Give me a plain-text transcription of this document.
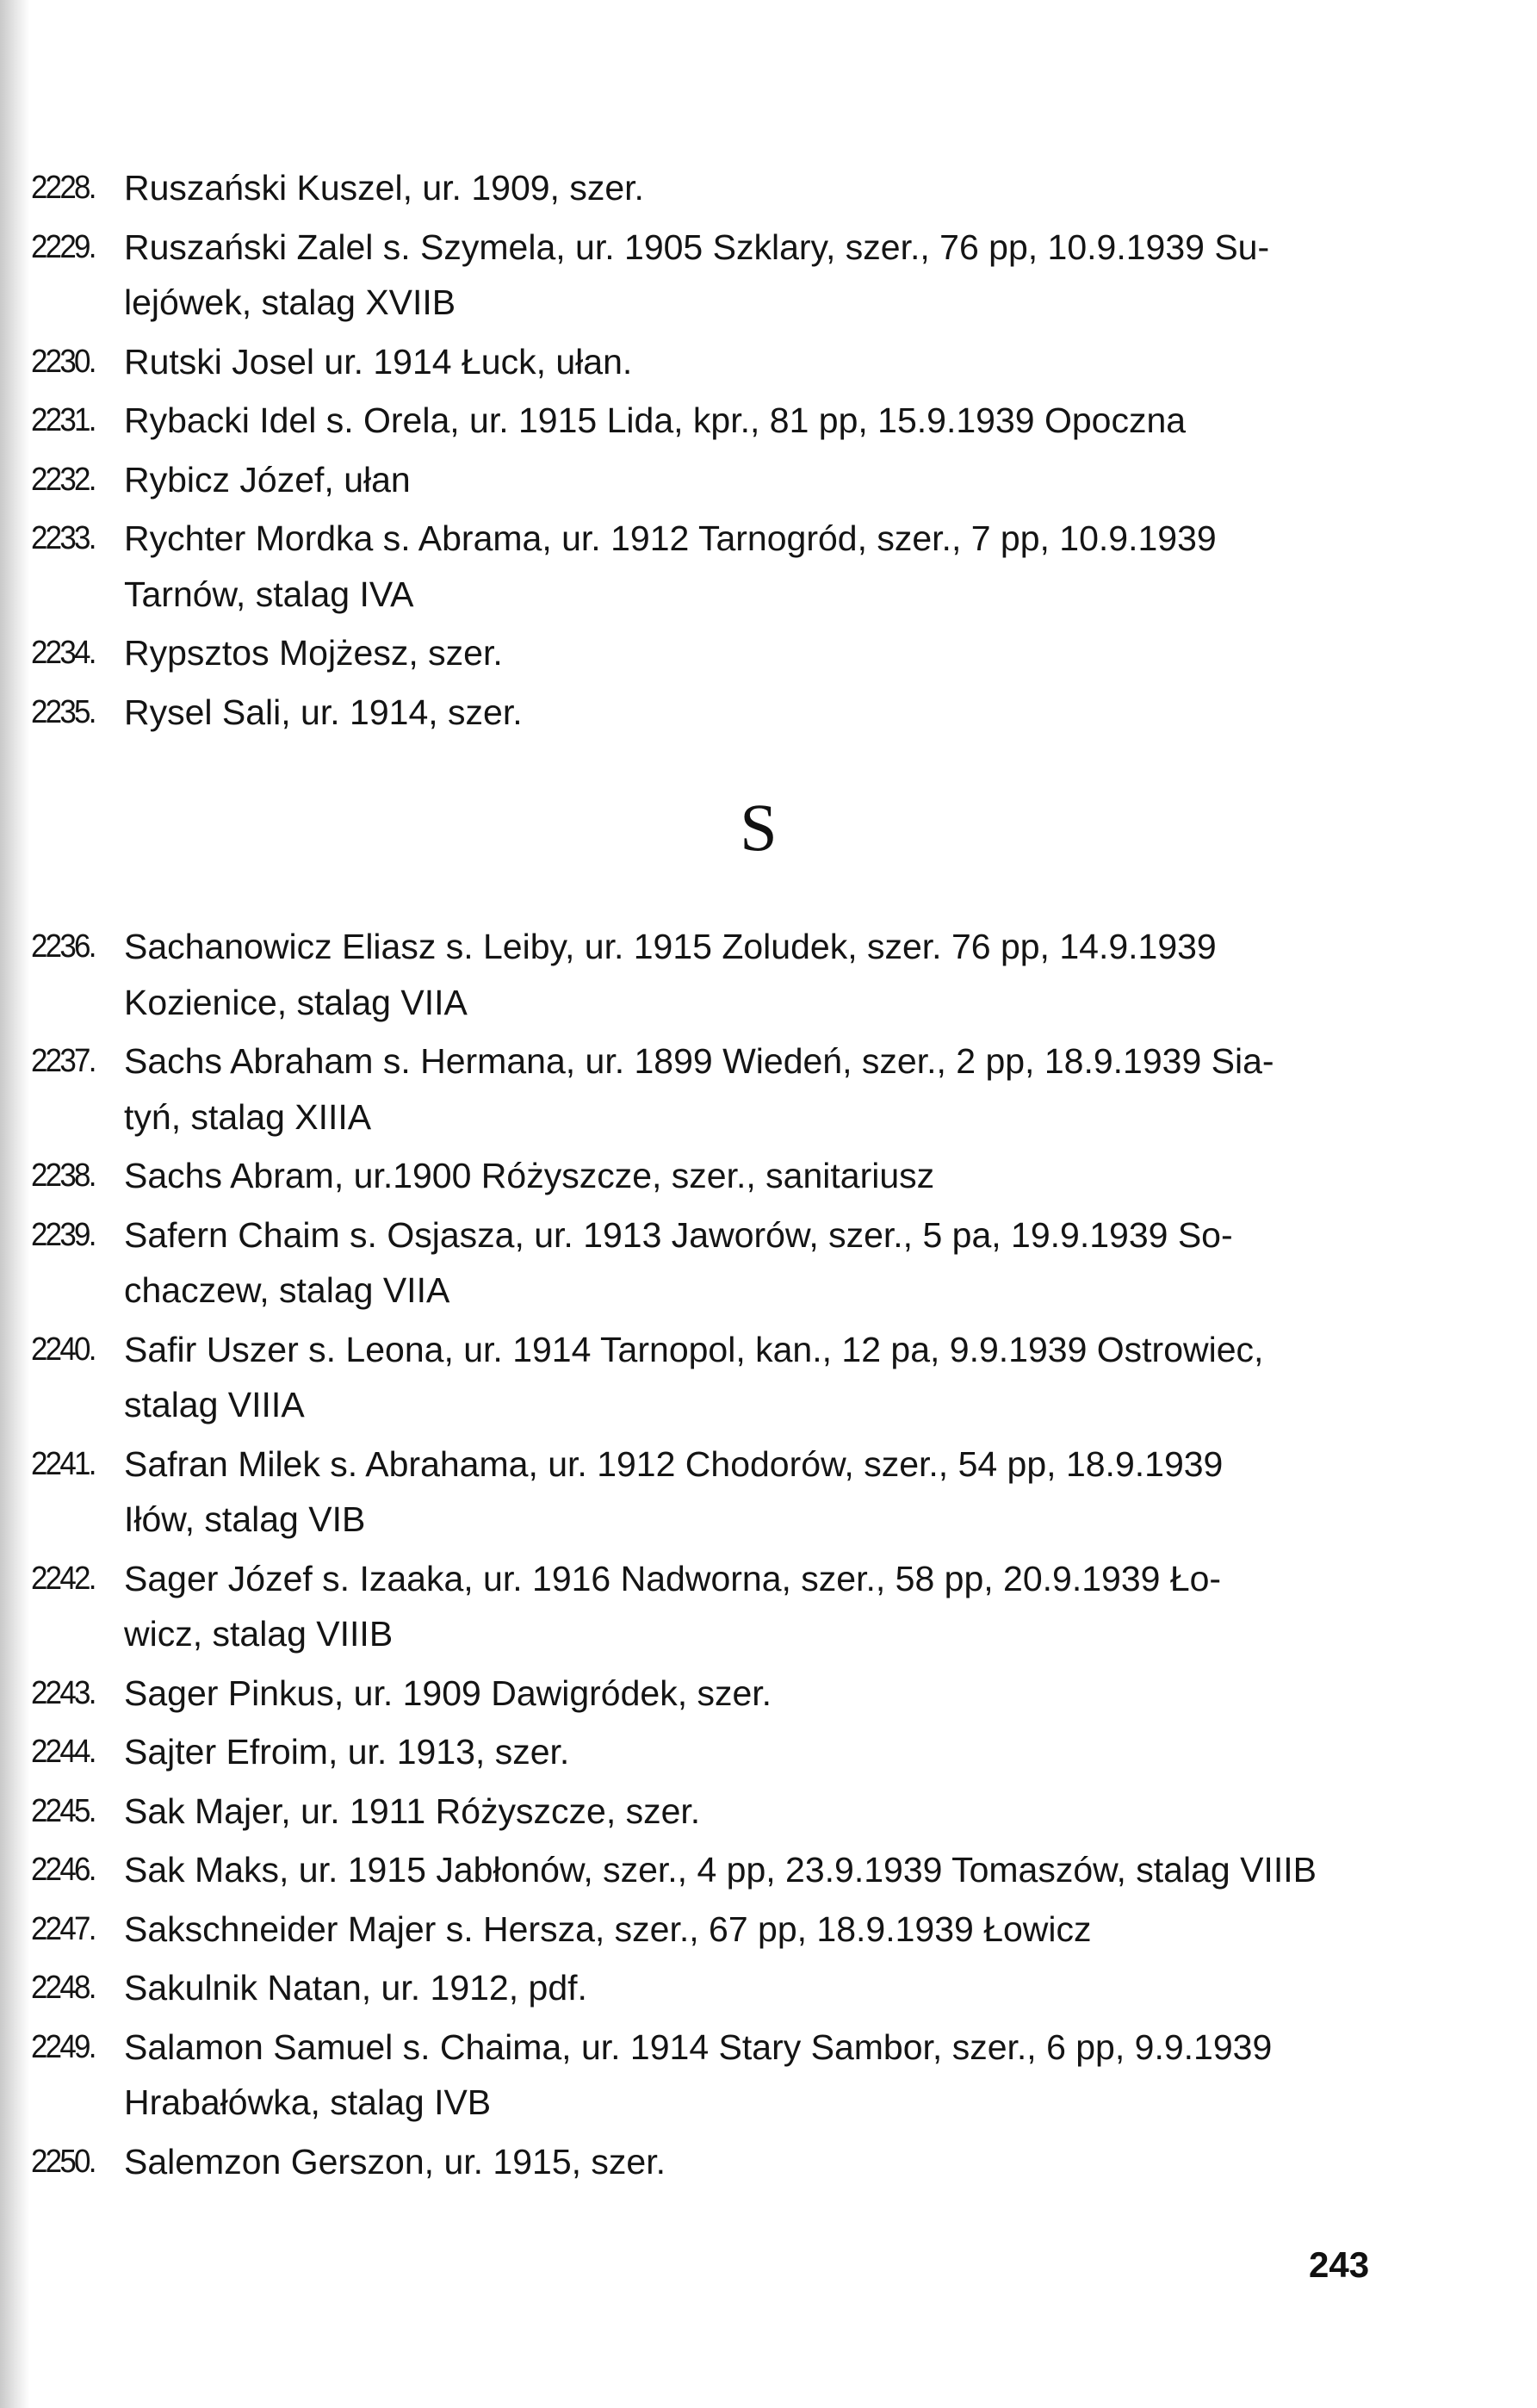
2228. Ruszański Kuszel, ur. 1909, szer.

2229. Ruszański Zalel s. Szymela, ur. 1905 Szklary, szer., 76 pp, 10.9.1939 Su-
lejówek, stalag XVIIB

2230. Rutski Josel ur. 1914 Łuck, ułan.

2231. Rybacki Idel s. Orela, ur. 1915 Lida, kpr., 81 pp, 15.9.1939 Opoczna

2232. Rybicz Józef, ułan

2233. Rychter Mordka s. Abrama, ur. 1912 Tarnogród, szer., 7 pp, 10.9.1939
Tarnów, stalag IVA

2234. Rypsztos Mojżesz, szer.

2235. Rysel Sali, ur. 1914, szer.

S
2236. Sachanowicz Eliasz s. Leiby, ur. 1915 Zoludek, szer. 76 pp, 14.9.1939
Kozienice, stalag VIIA

2237. Sachs Abraham s. Hermana, ur. 1899 Wiedeń, szer., 2 pp, 18.9.1939 Sia-
tyń, stalag XIIIA

2238. Sachs Abram, ur.1900 Różyszcze, szer., sanitariusz

2239. Safern Chaim s. Osjasza, ur. 1913 Jaworów, szer., 5 pa, 19.9.1939 So-
chaczew, stalag VIIA

2240. Safir Uszer s. Leona, ur. 1914 Tarnopol, kan., 12 pa, 9.9.1939 Ostrowiec,
stalag VIIIA

2241. Safran Milek s. Abrahama, ur. 1912 Chodorów, szer., 54 pp, 18.9.1939
Iłów, stalag VIB

2242. Sager Józef s. Izaaka, ur. 1916 Nadworna, szer., 58 pp, 20.9.1939 Ło-
wicz, stalag VIIIB

2243. Sager Pinkus, ur. 1909 Dawigródek, szer.

2244. Sajter Efroim, ur. 1913, szer.

2245. Sak Majer, ur. 1911 Różyszcze, szer.

2246. Sak Maks, ur. 1915 Jabłonów, szer., 4 pp, 23.9.1939 Tomaszów, stalag VIIIB

2247. Sakschneider Majer s. Hersza, szer., 67 pp, 18.9.1939 Łowicz

2248. Sakulnik Natan, ur. 1912, pdf.

2249. Salamon Samuel s. Chaima, ur. 1914 Stary Sambor, szer., 6 pp, 9.9.1939
Hrabałówka, stalag IVB

2250. Salemzon Gerszon, ur. 1915, szer.

243
